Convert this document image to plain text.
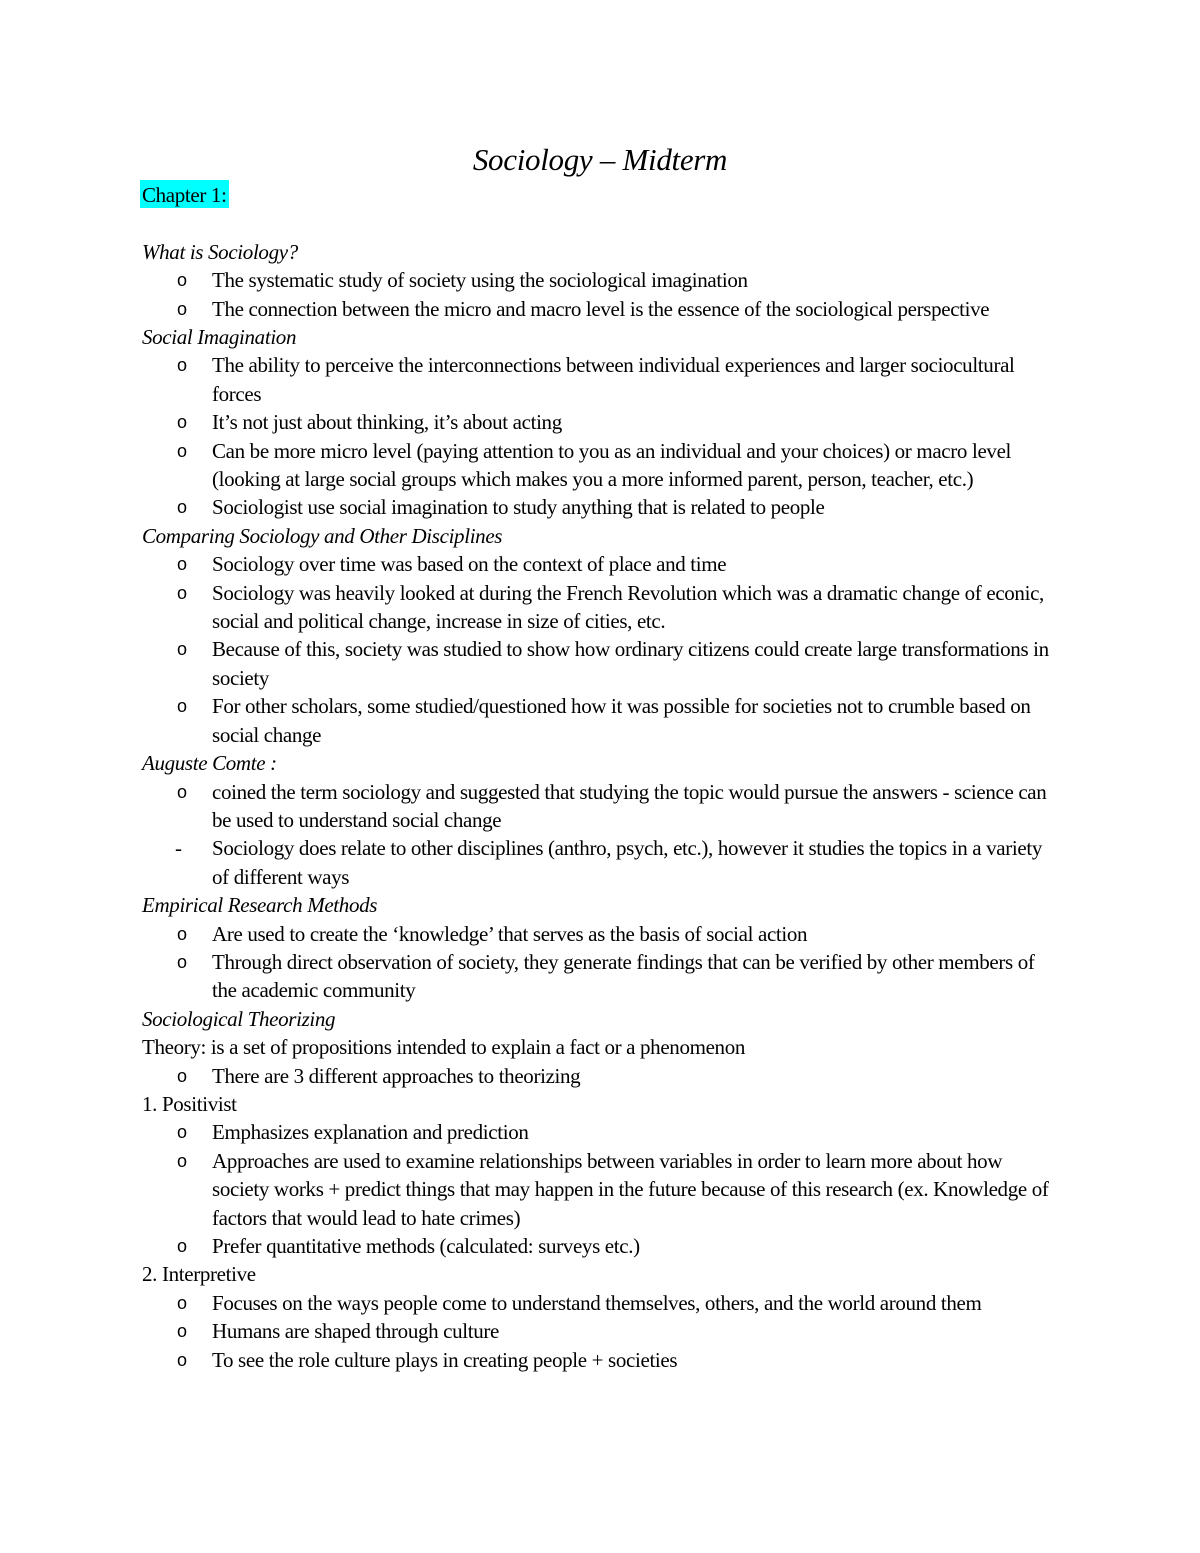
Sociology – Midterm
Chapter 1:

What is Sociology?

o The systematic study of society using the sociological imagination
o The connection between the micro and macro level is the essence of the sociological perspective

Social Imagination

o The ability to perceive the interconnections between individual experiences and larger sociocultural forces
o It’s not just about thinking, it’s about acting
o Can be more micro level (paying attention to you as an individual and your choices) or macro level (looking at large social groups which makes you a more informed parent, person, teacher, etc.)
o Sociologist use social imagination to study anything that is related to people

Comparing Sociology and Other Disciplines

o Sociology over time was based on the context of place and time
o Sociology was heavily looked at during the French Revolution which was a dramatic change of econic, social and political change, increase in size of cities, etc.
o Because of this, society was studied to show how ordinary citizens could create large transformations in society
o For other scholars, some studied/questioned how it was possible for societies not to crumble based on social change

Auguste Comte :

o coined the term sociology and suggested that studying the topic would pursue the answers - science can be used to understand social change
- Sociology does relate to other disciplines (anthro, psych, etc.), however it studies the topics in a variety of different ways

Empirical Research Methods

o Are used to create the ‘knowledge’ that serves as the basis of social action
o Through direct observation of society, they generate findings that can be verified by other members of the academic community

Sociological Theorizing

Theory: is a set of propositions intended to explain a fact or a phenomenon

o There are 3 different approaches to theorizing

1. Positivist

o Emphasizes explanation and prediction
o Approaches are used to examine relationships between variables in order to learn more about how society works + predict things that may happen in the future because of this research (ex. Knowledge of factors that would lead to hate crimes)
o Prefer quantitative methods (calculated: surveys etc.)

2. Interpretive

o Focuses on the ways people come to understand themselves, others, and the world around them
o Humans are shaped through culture
o To see the role culture plays in creating people + societies
